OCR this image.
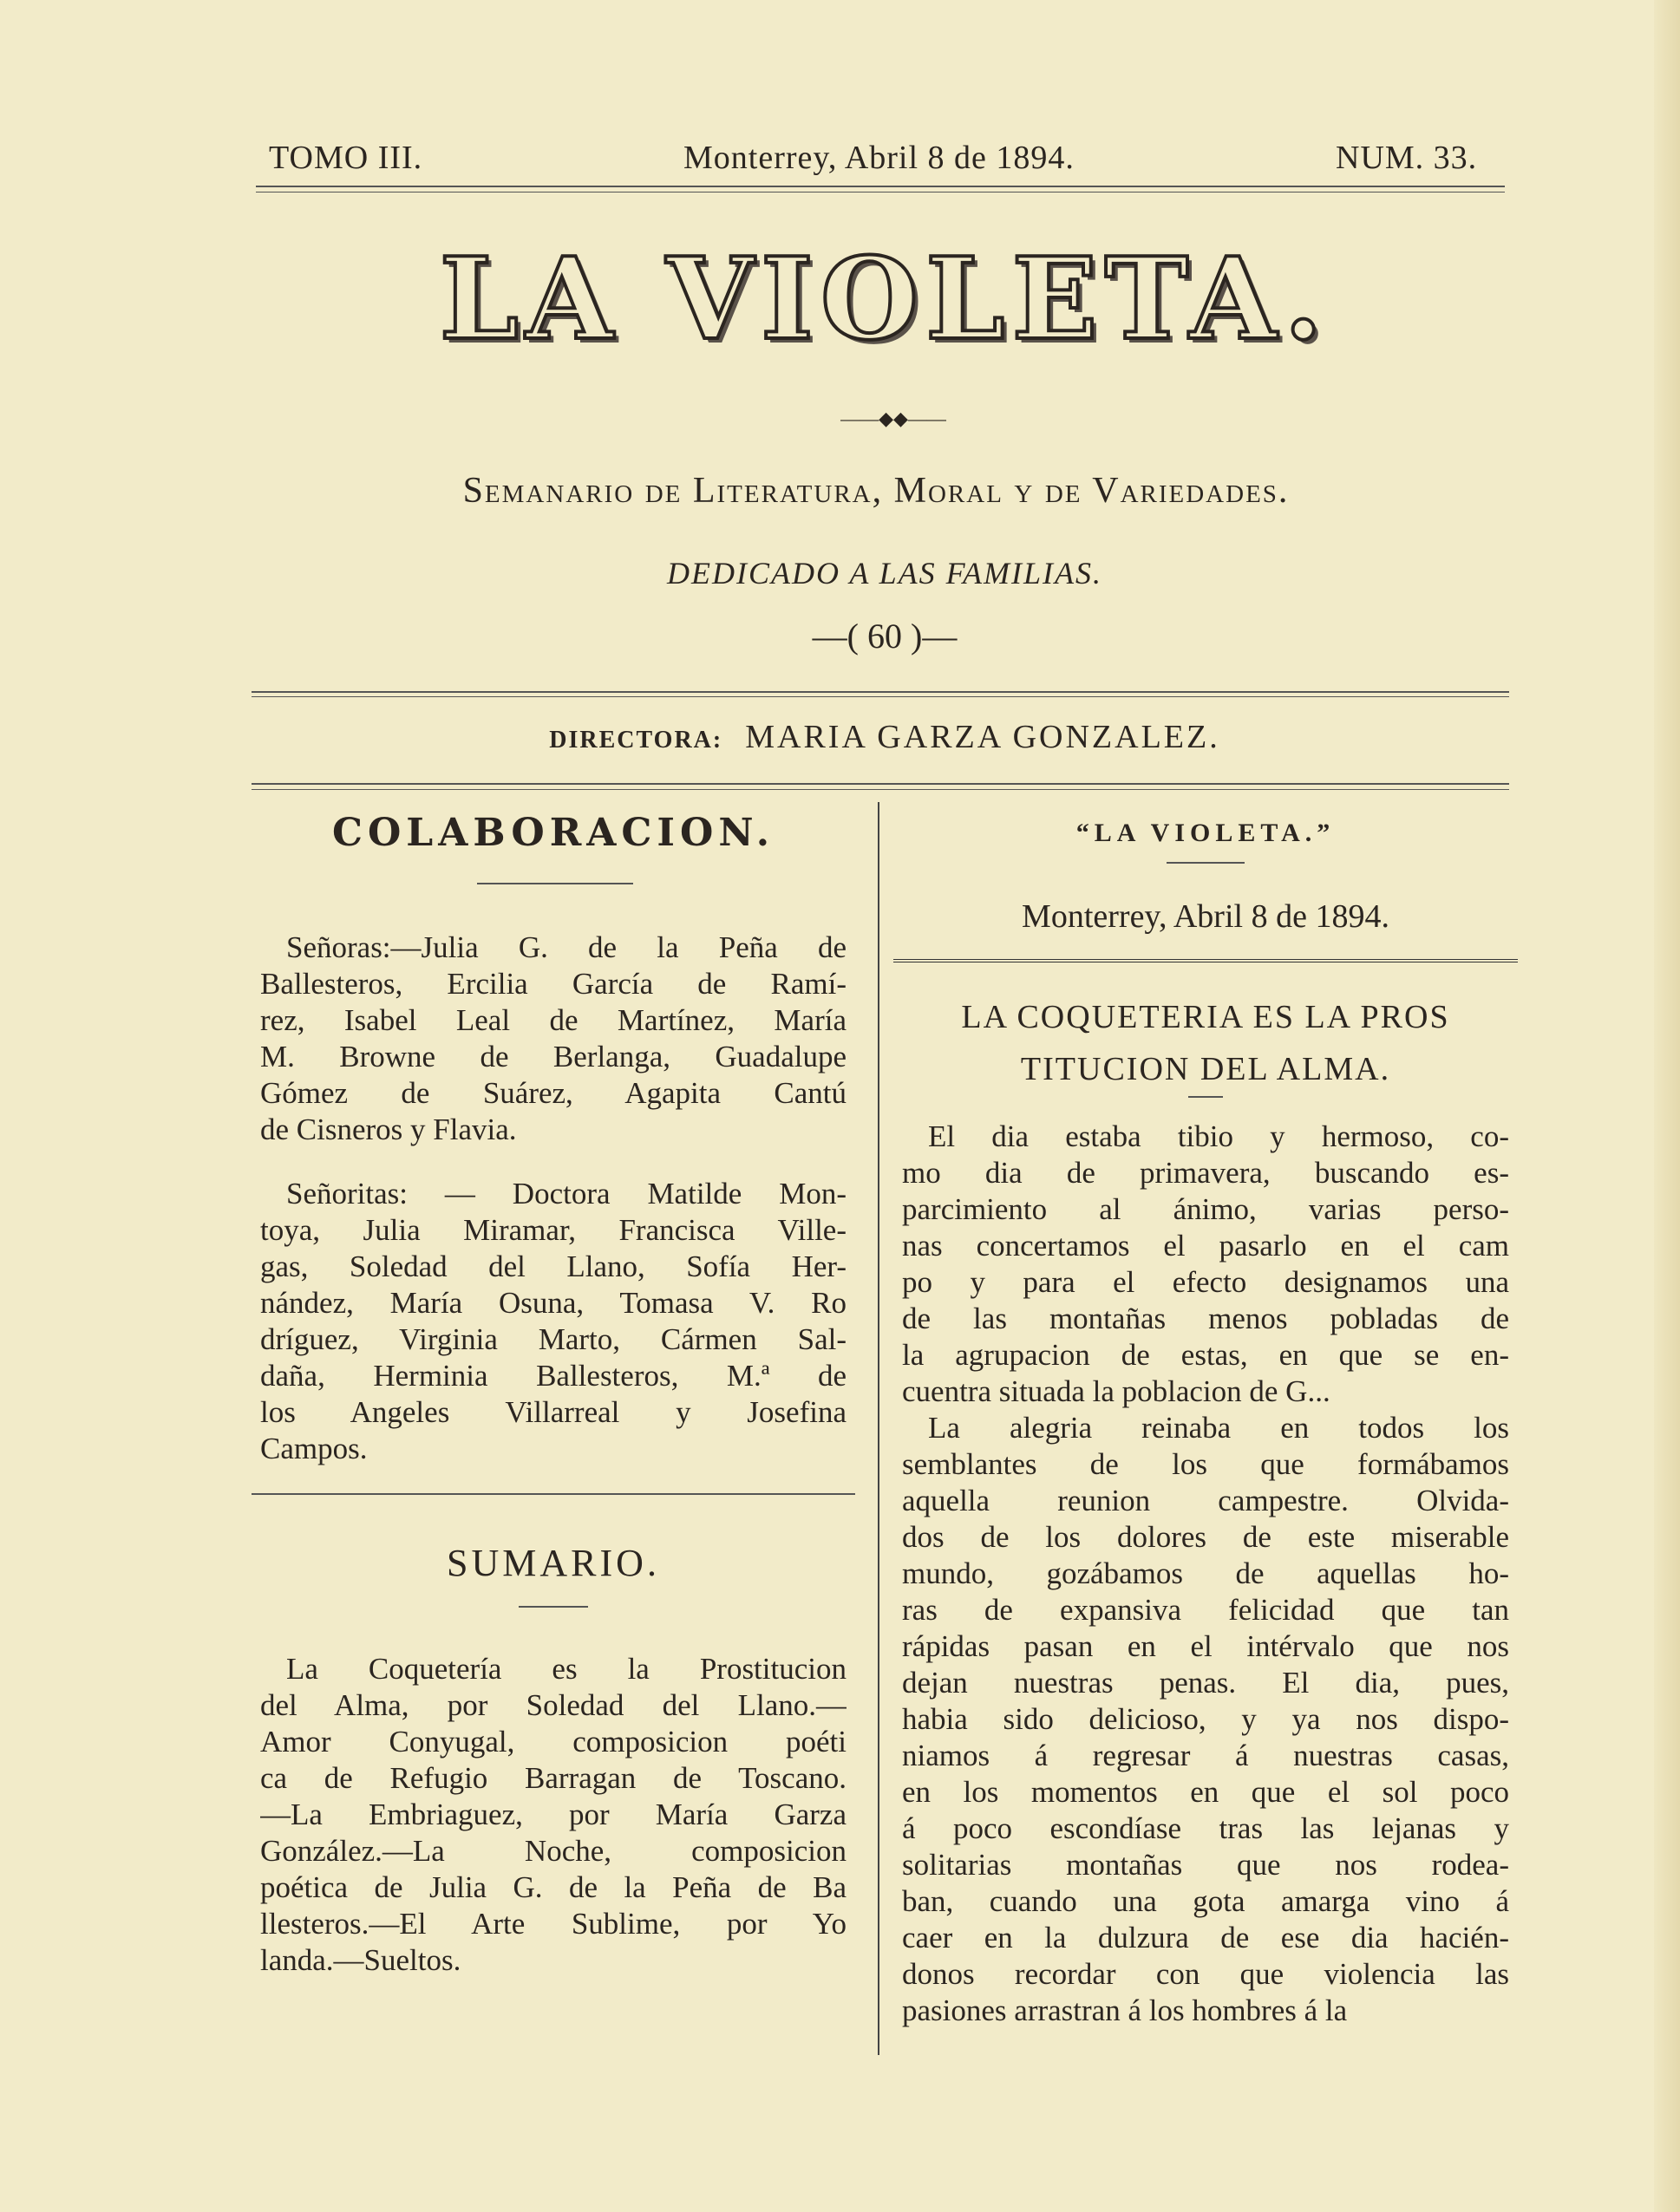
TOMO III.	Monterrey, Abril 8 de 1894.	NUM. 33.
LA VIOLETA.
——◆◆——
Semanario de Literatura, Moral y de Variedades.
DEDICADO A LAS FAMILIAS.
—( 60 )—
DIRECTORA: MARIA GARZA GONZALEZ.
COLABORACION.
Señoras:—Julia G. de la Peña de
Ballesteros, Ercilia García de Ramí-
rez, Isabel Leal de Martínez, María
M. Browne de Berlanga, Guadalupe
Gómez de Suárez, Agapita Cantú
de Cisneros y Flavia.
Señoritas: — Doctora Matilde Mon-
toya, Julia Miramar, Francisca Ville-
gas, Soledad del Llano, Sofía Her-
nández, María Osuna, Tomasa V. Ro
dríguez, Virginia Marto, Cármen Sal-
daña, Herminia Ballesteros, M.ª de
los Angeles Villarreal y Josefina
Campos.
SUMARIO.
La Coquetería es la Prostitucion
del Alma, por Soledad del Llano.—
Amor Conyugal, composicion poéti
ca de Refugio Barragan de Toscano.
—La Embriaguez, por María Garza
González.—La Noche, composicion
poética de Julia G. de la Peña de Ba
llesteros.—El Arte Sublime, por Yo
landa.—Sueltos.
“LA VIOLETA.”
Monterrey, Abril 8 de 1894.
LA COQUETERIA ES LA PROS
TITUCION DEL ALMA.
El dia estaba tibio y hermoso, co-
mo dia de primavera, buscando es-
parcimiento al ánimo, varias perso-
nas concertamos el pasarlo en el cam
po y para el efecto designamos una
de las montañas menos pobladas de
la agrupacion de estas, en que se en-
cuentra situada la poblacion de G...
La alegria reinaba en todos los
semblantes de los que formábamos
aquella reunion campestre. Olvida-
dos de los dolores de este miserable
mundo, gozábamos de aquellas ho-
ras de expansiva felicidad que tan
rápidas pasan en el intérvalo que nos
dejan nuestras penas. El dia, pues,
habia sido delicioso, y ya nos dispo-
niamos á regresar á nuestras casas,
en los momentos en que el sol poco
á poco escondíase tras las lejanas y
solitarias montañas que nos rodea-
ban, cuando una gota amarga vino á
caer en la dulzura de ese dia hacién-
donos recordar con que violencia las
pasiones arrastran á los hombres á la
